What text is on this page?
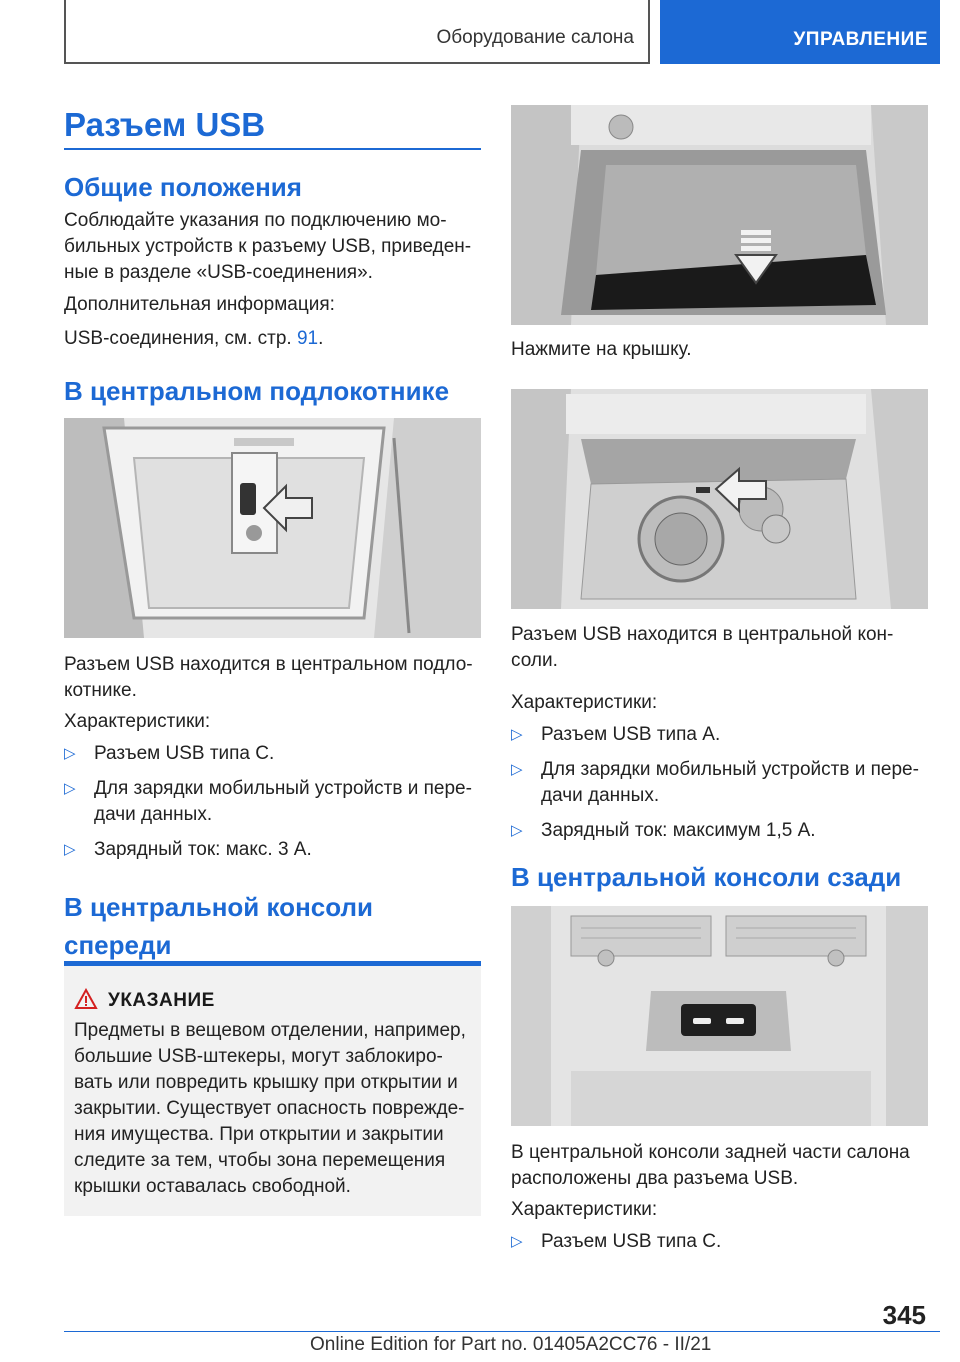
Оборудование салона	УПРАВЛЕНИЕ
Разъем USB
Общие положения
Соблюдайте указания по подключению мо-
бильных устройств к разъему USB, приведен-
ные в разделе «USB-соединения».
Дополнительная информация:
USB-соединения, см. стр. 91.
В центральном подлокотнике
Разъем USB находится в центральном подло-
котнике.
Характеристики:
▷ Разъем USB типа С.
▷ Для зарядки мобильный устройств и пере-
дачи данных.
▷ Зарядный ток: макс. 3 А.
В центральной консоли
спереди
УКАЗАНИЕ
Предметы в вещевом отделении, например,
большие USB-штекеры, могут заблокиро-
вать или повредить крышку при открытии и
закрытии. Существует опасность поврежде-
ния имущества. При открытии и закрытии
следите за тем, чтобы зона перемещения
крышки оставалась свободной.
Нажмите на крышку.
Разъем USB находится в центральной кон-
соли.
Характеристики:
▷ Разъем USB типа A.
▷ Для зарядки мобильный устройств и пере-
дачи данных.
▷ Зарядный ток: максимум 1,5 А.
В центральной консоли сзади
В центральной консоли задней части салона
расположены два разъема USB.
Характеристики:
▷ Разъем USB типа С.
345
Online Edition for Part no. 01405A2CC76 - II/21
